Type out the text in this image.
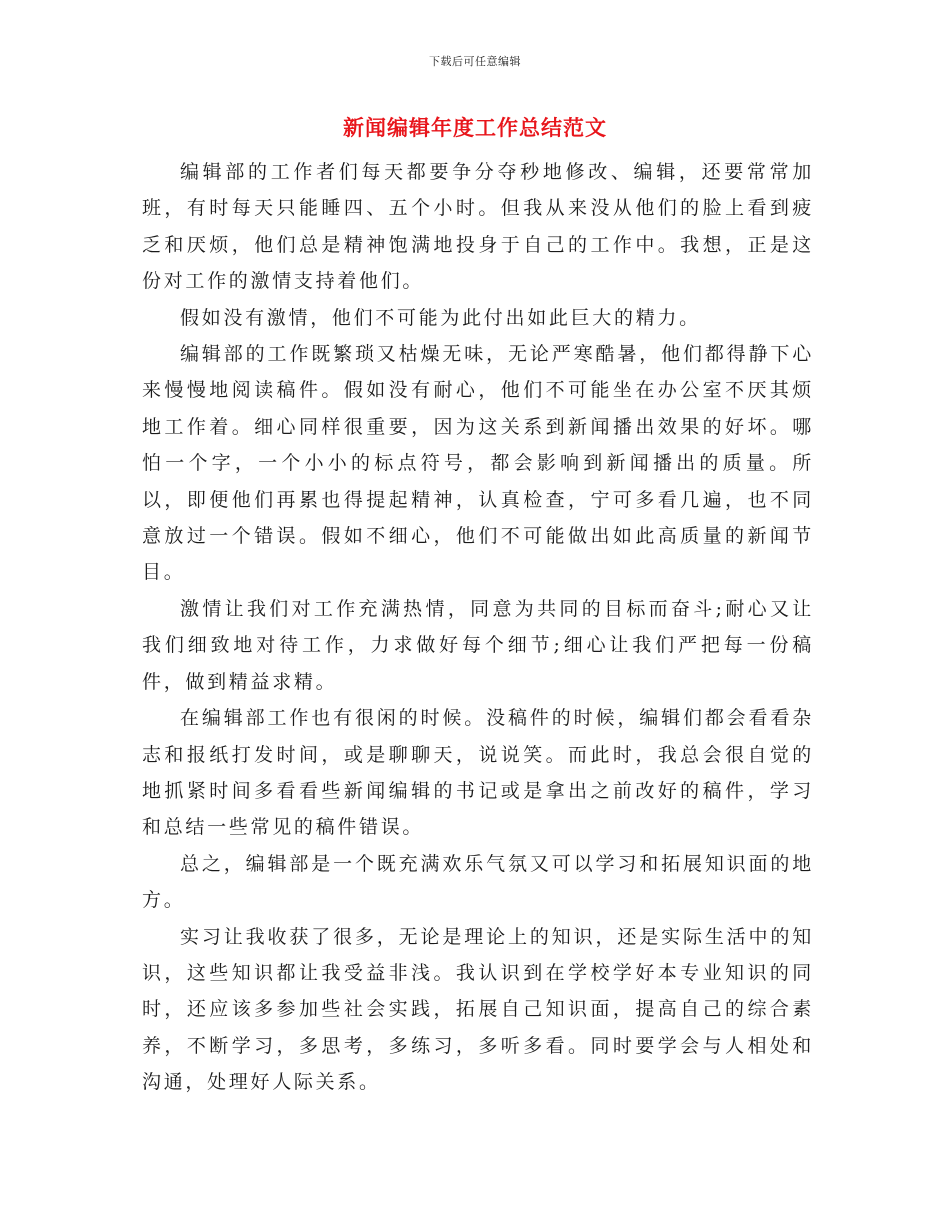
下载后可任意编辑
新闻编辑年度工作总结范文

编辑部的工作者们每天都要争分夺秒地修改、编辑，还要常常加班，有时每天只能睡四、五个小时。但我从来没从他们的脸上看到疲乏和厌烦，他们总是精神饱满地投身于自己的工作中。我想，正是这份对工作的激情支持着他们。

假如没有激情，他们不可能为此付出如此巨大的精力。

编辑部的工作既繁琐又枯燥无味，无论严寒酷暑，他们都得静下心来慢慢地阅读稿件。假如没有耐心，他们不可能坐在办公室不厌其烦地工作着。细心同样很重要，因为这关系到新闻播出效果的好坏。哪怕一个字，一个小小的标点符号，都会影响到新闻播出的质量。所以，即便他们再累也得提起精神，认真检查，宁可多看几遍，也不同意放过一个错误。假如不细心，他们不可能做出如此高质量的新闻节目。

激情让我们对工作充满热情，同意为共同的目标而奋斗;耐心又让我们细致地对待工作，力求做好每个细节;细心让我们严把每一份稿件，做到精益求精。

在编辑部工作也有很闲的时候。没稿件的时候，编辑们都会看看杂志和报纸打发时间，或是聊聊天，说说笑。而此时，我总会很自觉的地抓紧时间多看看些新闻编辑的书记或是拿出之前改好的稿件，学习和总结一些常见的稿件错误。

总之，编辑部是一个既充满欢乐气氛又可以学习和拓展知识面的地方。

实习让我收获了很多，无论是理论上的知识，还是实际生活中的知识，这些知识都让我受益非浅。我认识到在学校学好本专业知识的同时，还应该多参加些社会实践，拓展自己知识面，提高自己的综合素养，不断学习，多思考，多练习，多听多看。同时要学会与人相处和沟通，处理好人际关系。
